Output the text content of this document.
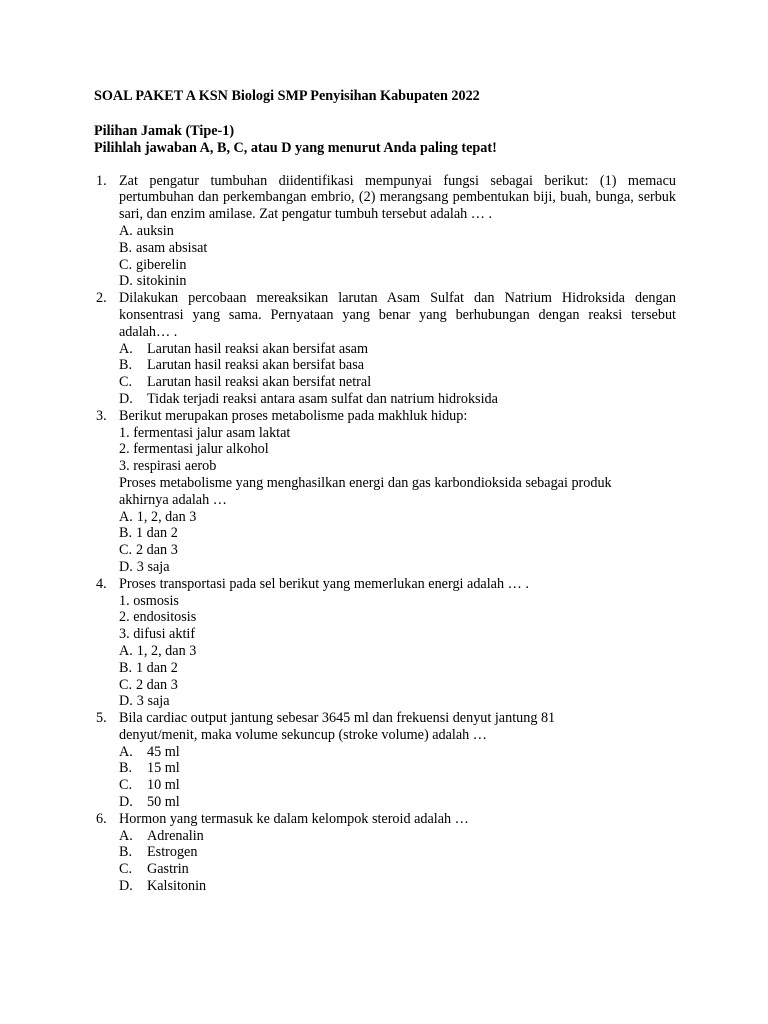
SOAL PAKET A KSN Biologi SMP Penyisihan Kabupaten 2022
Pilihan Jamak (Tipe-1)
Pilihlah jawaban A, B, C, atau D yang menurut Anda paling tepat!
1. Zat pengatur tumbuhan diidentifikasi mempunyai fungsi sebagai berikut: (1) memacu pertumbuhan dan perkembangan embrio, (2) merangsang pembentukan biji, buah, bunga, serbuk sari, dan enzim amilase. Zat pengatur tumbuh tersebut adalah … .
A. auksin
B. asam absisat
C. giberelin
D. sitokinin
2. Dilakukan percobaan mereaksikan larutan Asam Sulfat dan Natrium Hidroksida dengan konsentrasi yang sama. Pernyataan yang benar yang berhubungan dengan reaksi tersebut adalah… .
A. Larutan hasil reaksi akan bersifat asam
B. Larutan hasil reaksi akan bersifat basa
C. Larutan hasil reaksi akan bersifat netral
D. Tidak terjadi reaksi antara asam sulfat dan natrium hidroksida
3. Berikut merupakan proses metabolisme pada makhluk hidup:
1. fermentasi jalur asam laktat
2. fermentasi jalur alkohol
3. respirasi aerob
Proses metabolisme yang menghasilkan energi dan gas karbondioksida sebagai produk
akhirnya adalah …
A. 1, 2, dan 3
B. 1 dan 2
C. 2 dan 3
D. 3 saja
4. Proses transportasi pada sel berikut yang memerlukan energi adalah … .
1. osmosis
2. endositosis
3. difusi aktif
A. 1, 2, dan 3
B. 1 dan 2
C. 2 dan 3
D. 3 saja
5. Bila cardiac output jantung sebesar 3645 ml dan frekuensi denyut jantung 81
denyut/menit, maka volume sekuncup (stroke volume) adalah …
A. 45 ml
B. 15 ml
C. 10 ml
D. 50 ml
6. Hormon yang termasuk ke dalam kelompok steroid adalah …
A. Adrenalin
B. Estrogen
C. Gastrin
D. Kalsitonin
